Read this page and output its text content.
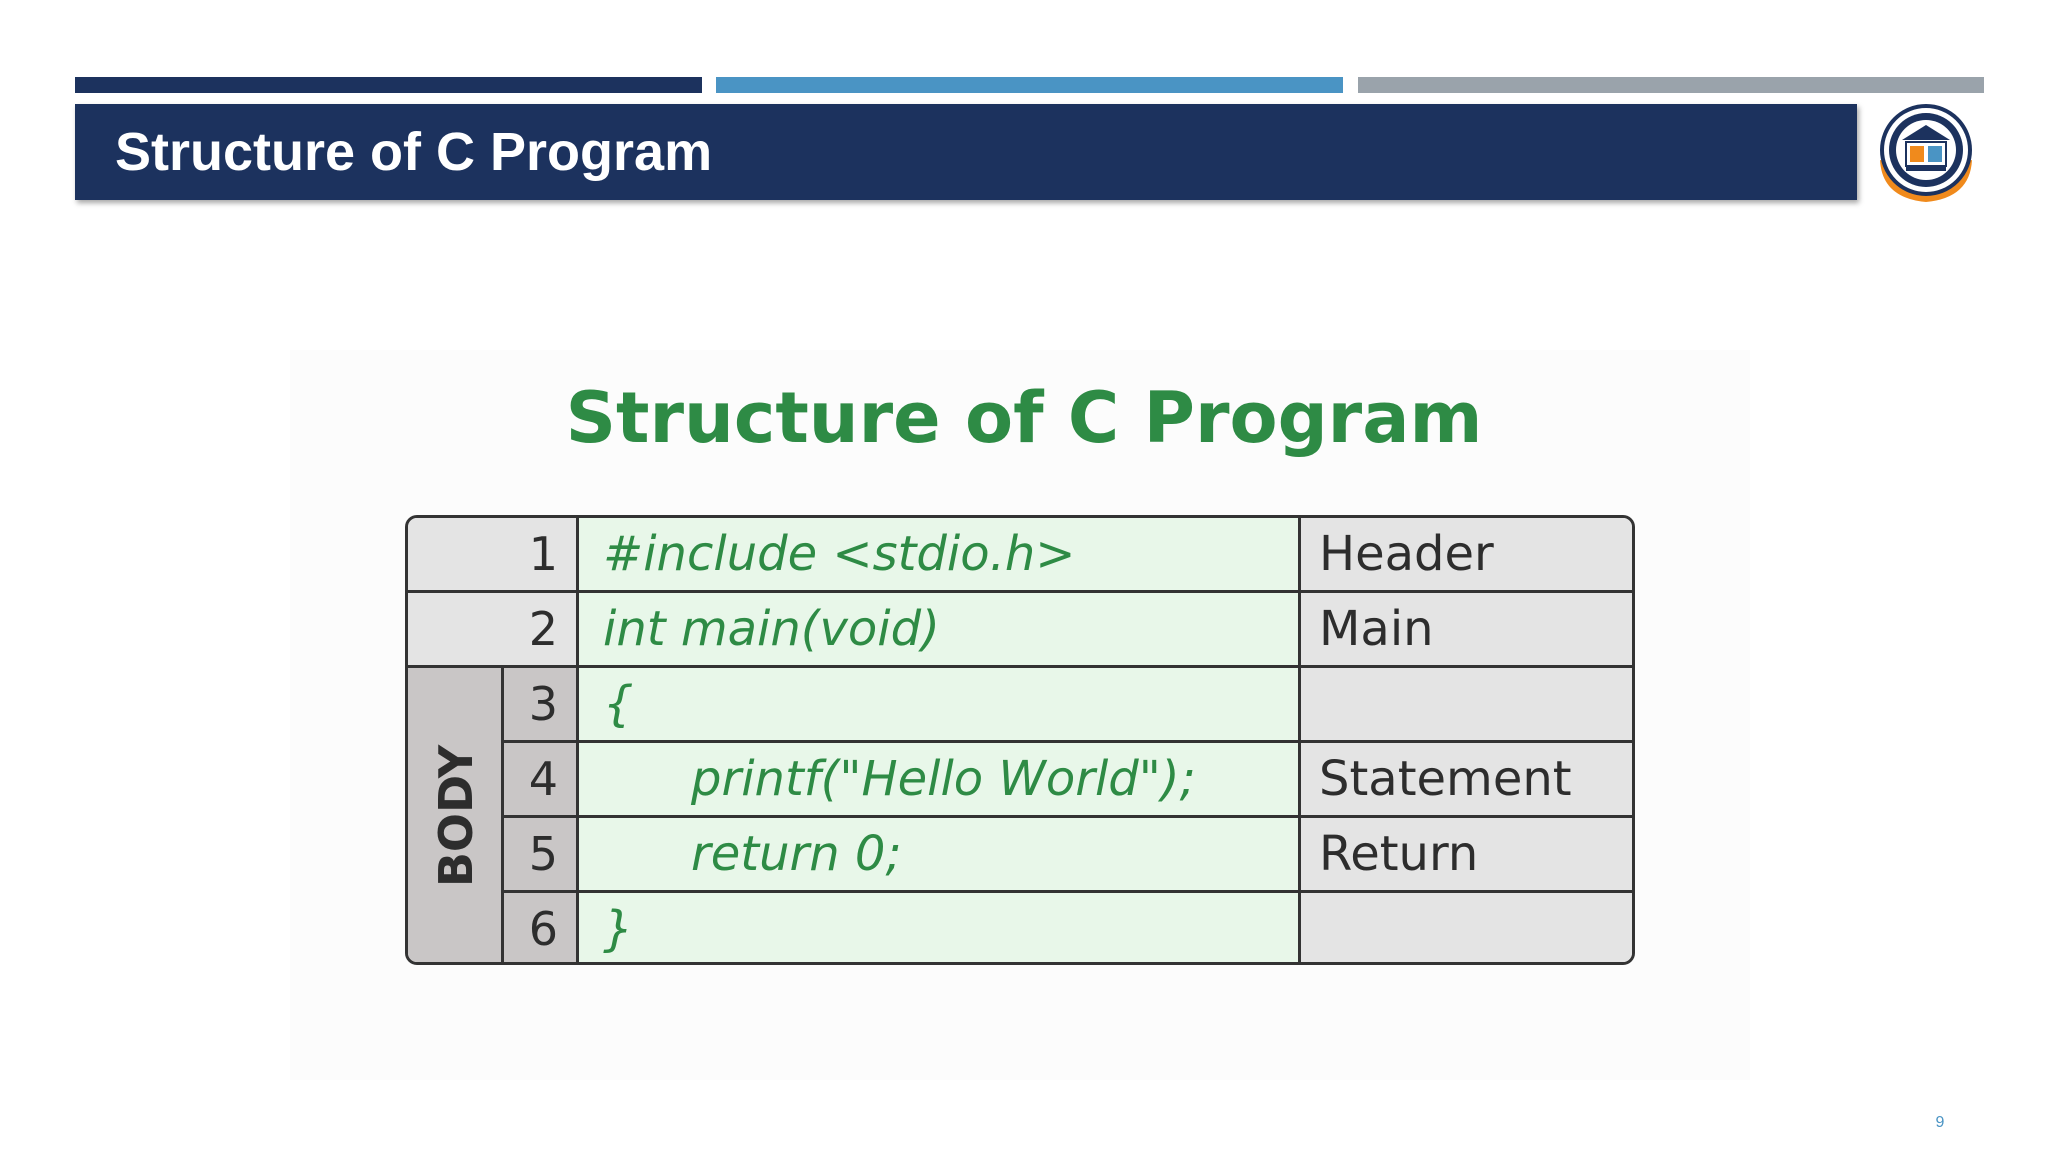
Structure of C Program
Structure of C Program
1 #include <stdio.h>	Header
2 int main(void)	Main
BODY
3 {
4	printf("Hello World");	Statement
5	return 0;	Return
6 }
9
